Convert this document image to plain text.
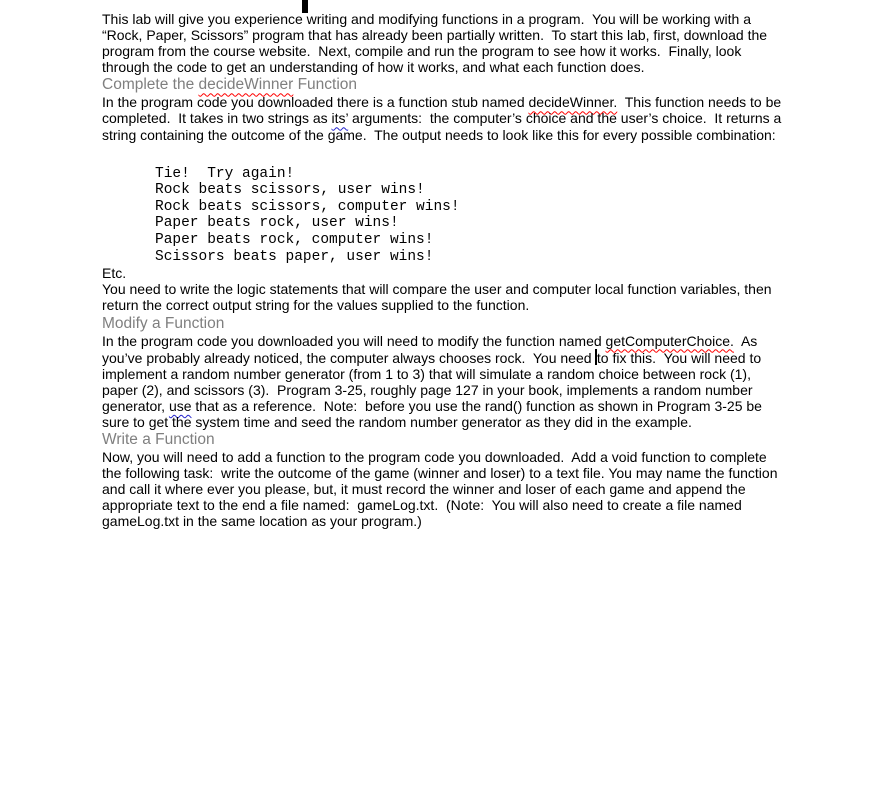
This lab will give you experience writing and modifying functions in a program.  You will be working with a “Rock, Paper, Scissors” program that has already been partially written.  To start this lab, first, download the program from the course website.  Next, compile and run the program to see how it works.  Finally, look through the code to get an understanding of how it works, and what each function does.

Complete the decideWinner Function

In the program code you downloaded there is a function stub named decideWinner.  This function needs to be completed.  It takes in two strings as its’ arguments:  the computer’s choice and the user’s choice.  It returns a string containing the outcome of the game.  The output needs to look like this for every possible combination:

Tie!  Try again!
Rock beats scissors, user wins!
Rock beats scissors, computer wins!
Paper beats rock, user wins!
Paper beats rock, computer wins!
Scissors beats paper, user wins!

Etc.

You need to write the logic statements that will compare the user and computer local function variables, then return the correct output string for the values supplied to the function.

Modify a Function

In the program code you downloaded you will need to modify the function named getComputerChoice.  As you’ve probably already noticed, the computer always chooses rock.  You need to fix this.  You will need to implement a random number generator (from 1 to 3) that will simulate a random choice between rock (1), paper (2), and scissors (3).  Program 3-25, roughly page 127 in your book, implements a random number generator, use that as a reference.  Note:  before you use the rand() function as shown in Program 3-25 be sure to get the system time and seed the random number generator as they did in the example.

Write a Function

Now, you will need to add a function to the program code you downloaded.  Add a void function to complete the following task:  write the outcome of the game (winner and loser) to a text file. You may name the function and call it where ever you please, but, it must record the winner and loser of each game and append the appropriate text to the end a file named:  gameLog.txt.  (Note:  You will also need to create a file named gameLog.txt in the same location as your program.)
